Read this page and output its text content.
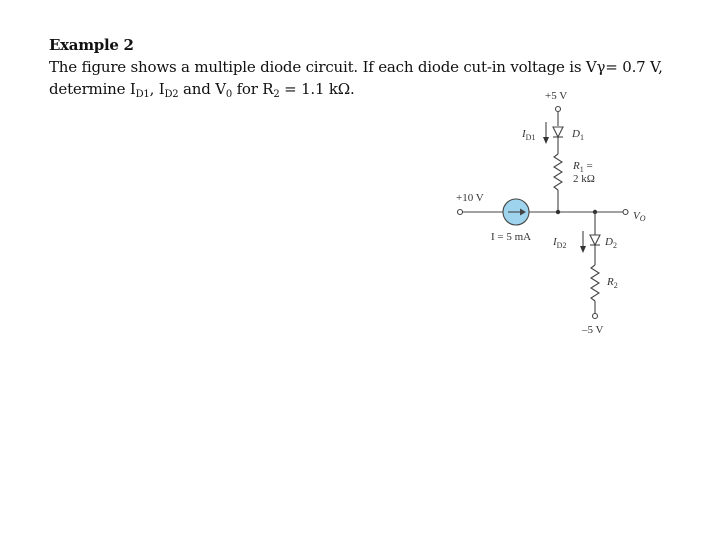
Example 2
The figure shows a multiple diode circuit. If each diode cut-in voltage is Vγ= 0.7 V,
determine $I_{D1}$, $I_{D2}$ and $V_0$ for $R_2 = 1.1$ kΩ.	+5 V
D1
ID1
R1 =
2 kΩ
+10 V
VO
I = 5 mA	D2
ID2
R2
–5 V
